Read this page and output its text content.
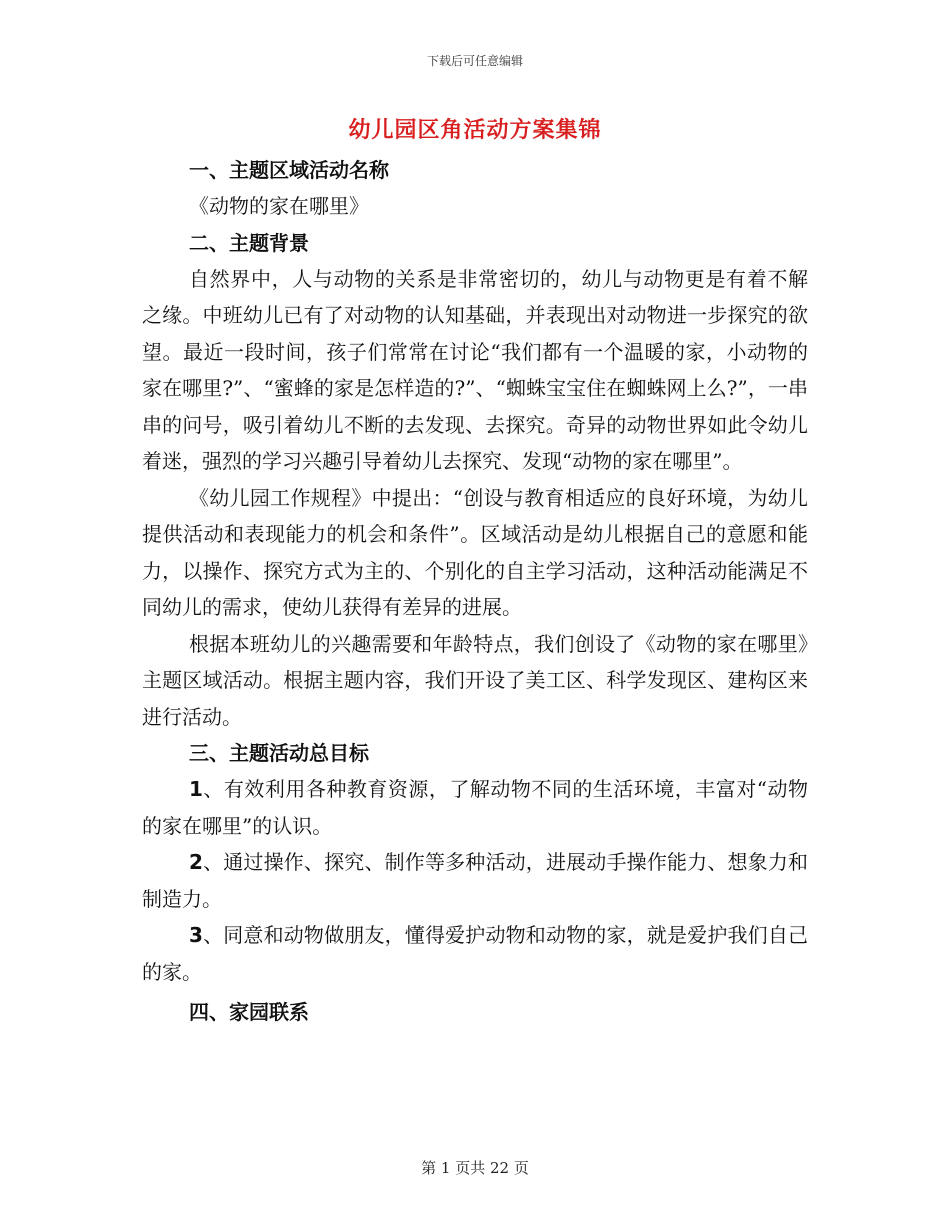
下载后可任意编辑
幼儿园区角活动方案集锦

一、主题区域活动名称

《动物的家在哪里》

二、主题背景

自然界中，人与动物的关系是非常密切的，幼儿与动物更是有着不解之缘。中班幼儿已有了对动物的认知基础，并表现出对动物进一步探究的欲望。最近一段时间，孩子们常常在讨论“我们都有一个温暖的家，小动物的家在哪里?”、“蜜蜂的家是怎样造的?”、“蜘蛛宝宝住在蜘蛛网上么?”，一串串的问号，吸引着幼儿不断的去发现、去探究。奇异的动物世界如此令幼儿着迷，强烈的学习兴趣引导着幼儿去探究、发现“动物的家在哪里”。

《幼儿园工作规程》中提出：“创设与教育相适应的良好环境，为幼儿提供活动和表现能力的机会和条件”。区域活动是幼儿根据自己的意愿和能力，以操作、探究方式为主的、个别化的自主学习活动，这种活动能满足不同幼儿的需求，使幼儿获得有差异的进展。

根据本班幼儿的兴趣需要和年龄特点，我们创设了《动物的家在哪里》主题区域活动。根据主题内容，我们开设了美工区、科学发现区、建构区来进行活动。

三、主题活动总目标

1、有效利用各种教育资源，了解动物不同的生活环境，丰富对“动物的家在哪里”的认识。

2、通过操作、探究、制作等多种活动，进展动手操作能力、想象力和制造力。

3、同意和动物做朋友，懂得爱护动物和动物的家，就是爱护我们自己的家。

四、家园联系

第 1 页共 22 页
